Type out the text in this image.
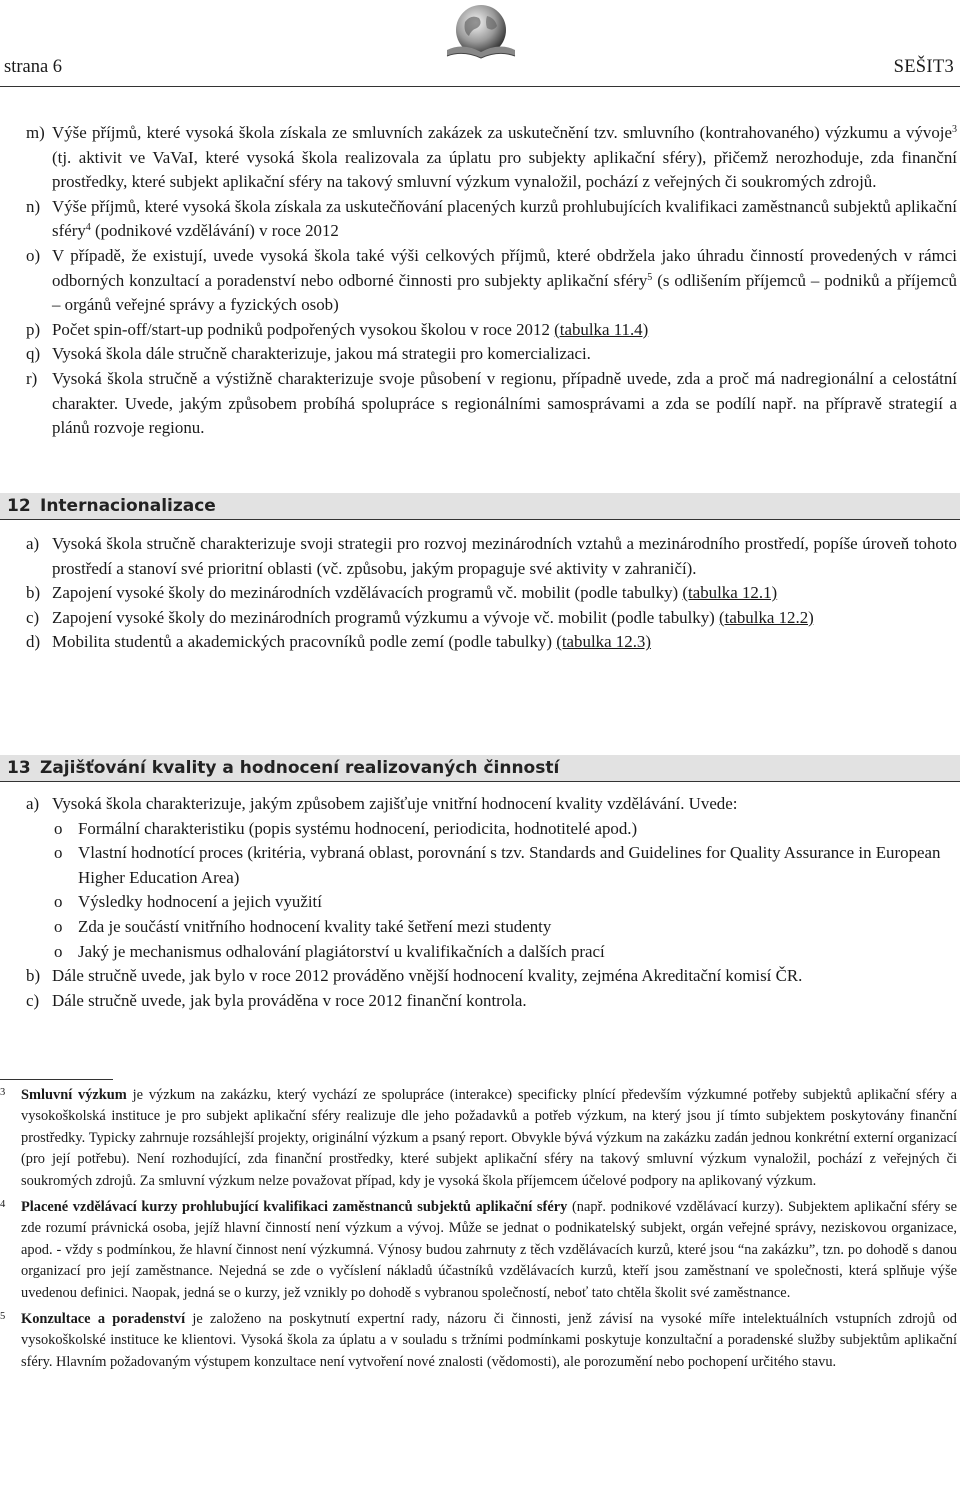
strana 6	SEŠIT3
m) Výše příjmů, které vysoká škola získala ze smluvních zakázek za uskutečnění tzv. smluvního (kontrahovaného) výzkumu a vývoje$^3$ (tj. aktivit ve VaVaI, které vysoká škola realizovala za úplatu pro subjekty aplikační sféry), přičemž nerozhoduje, zda finanční prostředky, které subjekt aplikační sféry na takový smluvní výzkum vynaložil, pochází z veřejných či soukromých zdrojů.
n) Výše příjmů, které vysoká škola získala za uskutečňování placených kurzů prohlubujících kvalifikaci zaměstnanců subjektů aplikační sféry$^4$ (podnikové vzdělávání) v roce 2012
o) V případě, že existují, uvede vysoká škola také výši celkových příjmů, které obdržela jako úhradu činností provedených v rámci odborných konzultací a poradenství nebo odborné činnosti pro subjekty aplikační sféry$^5$ (s odlišením příjemců – podniků a příjemců – orgánů veřejné správy a fyzických osob)
p) Počet spin-off/start-up podniků podpořených vysokou školou v roce 2012 (tabulka 11.4)
q) Vysoká škola dále stručně charakterizuje, jakou má strategii pro komercializaci.
r) Vysoká škola stručně a výstižně charakterizuje svoje působení v regionu, případně uvede, zda a proč má nadregionální a celostátní charakter. Uvede, jakým způsobem probíhá spolupráce s regionálními samosprávami a zda se podílí např. na přípravě strategií a plánů rozvoje regionu.
12 Internacionalizace
a) Vysoká škola stručně charakterizuje svoji strategii pro rozvoj mezinárodních vztahů a mezinárodního prostředí, popíše úroveň tohoto prostředí a stanoví své prioritní oblasti (vč. způsobu, jakým propaguje své aktivity v zahraničí).
b) Zapojení vysoké školy do mezinárodních vzdělávacích programů vč. mobilit (podle tabulky) (tabulka 12.1)
c) Zapojení vysoké školy do mezinárodních programů výzkumu a vývoje vč. mobilit (podle tabulky) (tabulka 12.2)
d) Mobilita studentů a akademických pracovníků podle zemí (podle tabulky) (tabulka 12.3)
13 Zajišťování kvality a hodnocení realizovaných činností
a) Vysoká škola charakterizuje, jakým způsobem zajišťuje vnitřní hodnocení kvality vzdělávání. Uvede:
o Formální charakteristiku (popis systému hodnocení, periodicita, hodnotitelé apod.)
o Vlastní hodnotící proces (kritéria, vybraná oblast, porovnání s tzv. Standards and Guidelines for Quality Assurance in European Higher Education Area)
o Výsledky hodnocení a jejich využití
o Zda je součástí vnitřního hodnocení kvality také šetření mezi studenty
o Jaký je mechanismus odhalování plagiátorství u kvalifikačních a dalších prací
b) Dále stručně uvede, jak bylo v roce 2012 prováděno vnější hodnocení kvality, zejména Akreditační komisí ČR.
c) Dále stručně uvede, jak byla prováděna v roce 2012 finanční kontrola.
3 Smluvní výzkum je výzkum na zakázku, který vychází ze spolupráce (interakce) specificky plnící především výzkumné potřeby subjektů aplikační sféry a vysokoškolská instituce je pro subjekt aplikační sféry realizuje dle jeho požadavků a potřeb výzkum, na který jsou jí tímto subjektem poskytovány finanční prostředky. Typicky zahrnuje rozsáhlejší projekty, originální výzkum a psaný report. Obvykle bývá výzkum na zakázku zadán jednou konkrétní externí organizací (pro její potřebu). Není rozhodující, zda finanční prostředky, které subjekt aplikační sféry na takový smluvní výzkum vynaložil, pochází z veřejných či soukromých zdrojů. Za smluvní výzkum nelze považovat případ, kdy je vysoká škola příjemcem účelové podpory na aplikovaný výzkum.
4 Placené vzdělávací kurzy prohlubující kvalifikaci zaměstnanců subjektů aplikační sféry (např. podnikové vzdělávací kurzy). Subjektem aplikační sféry se zde rozumí právnická osoba, jejíž hlavní činností není výzkum a vývoj. Může se jednat o podnikatelský subjekt, orgán veřejné správy, neziskovou organizace, apod. - vždy s podmínkou, že hlavní činnost není výzkumná. Výnosy budou zahrnuty z těch vzdělávacích kurzů, které jsou “na zakázku”, tzn. po dohodě s danou organizací pro její zaměstnance. Nejedná se zde o vyčíslení nákladů účastníků vzdělávacích kurzů, kteří jsou zaměstnaní ve společnosti, která splňuje výše uvedenou definici. Naopak, jedná se o kurzy, jež vznikly po dohodě s vybranou společností, neboť tato chtěla školit své zaměstnance.
5 Konzultace a poradenství je založeno na poskytnutí expertní rady, názoru či činnosti, jenž závisí na vysoké míře intelektuálních vstupních zdrojů od vysokoškolské instituce ke klientovi. Vysoká škola za úplatu a v souladu s tržními podmínkami poskytuje konzultační a poradenské služby subjektům aplikační sféry. Hlavním požadovaným výstupem konzultace není vytvoření nové znalosti (vědomosti), ale porozumění nebo pochopení určitého stavu.
